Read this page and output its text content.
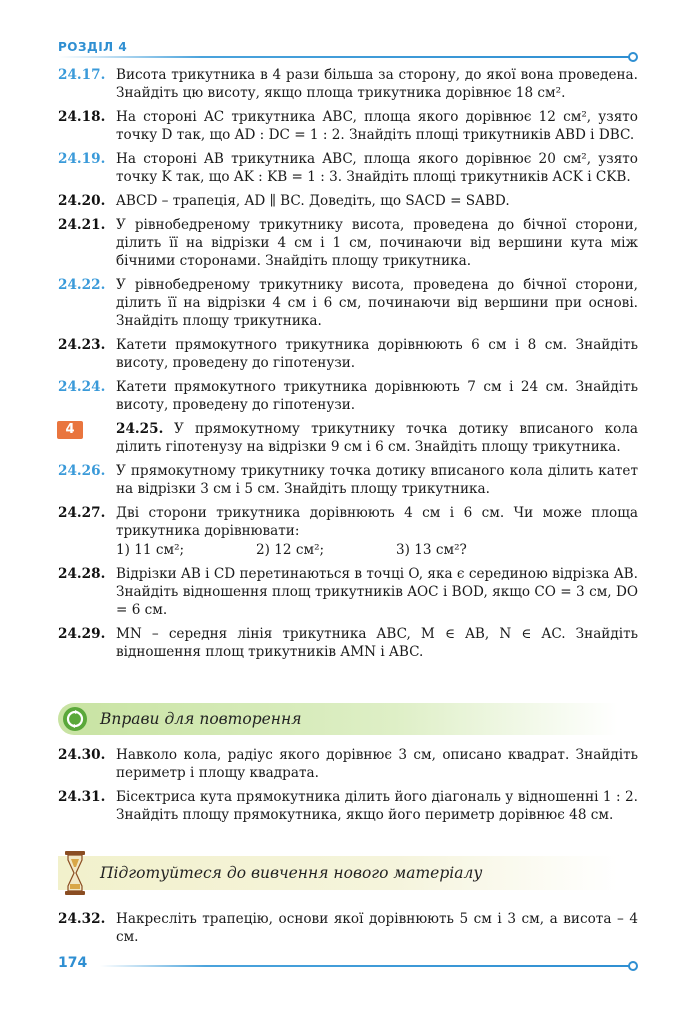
РОЗДІЛ 4
24.17. Висота трикутника в 4 рази більша за сторону, до якої вона проведена. Знайдіть цю висоту, якщо площа трикутника дорівнює 18 см².
24.18. На стороні AC трикутника ABC, площа якого дорівнює 12 см², узято точку D так, що AD : DC = 1 : 2. Знайдіть площі трикутників ABD і DBC.
24.19. На стороні AB трикутника ABC, площа якого дорівнює 20 см², узято точку K так, що AK : KB = 1 : 3. Знайдіть площі трикутників ACK і CKB.
24.20. ABCD – трапеція, AD ∥ BC. Доведіть, що SACD = SABD.
24.21. У рівнобедреному трикутнику висота, проведена до бічної сторони, ділить її на відрізки 4 см і 1 см, починаючи від вершини кута між бічними сторонами. Знайдіть площу трикутника.
24.22. У рівнобедреному трикутнику висота, проведена до бічної сторони, ділить її на відрізки 4 см і 6 см, починаючи від вершини при основі. Знайдіть площу трикутника.
24.23. Катети прямокутного трикутника дорівнюють 6 см і 8 см. Знайдіть висоту, проведену до гіпотенузи.
24.24. Катети прямокутного трикутника дорівнюють 7 см і 24 см. Знайдіть висоту, проведену до гіпотенузи.
4	24.25. У прямокутному трикутнику точка дотику вписаного кола ділить гіпотенузу на відрізки 9 см і 6 см. Знайдіть площу трикутника.
24.26. У прямокутному трикутнику точка дотику вписаного кола ділить катет на відрізки 3 см і 5 см. Знайдіть площу трикутника.
24.27. Дві сторони трикутника дорівнюють 4 см і 6 см. Чи може площа трикутника дорівнювати:
1) 11 см²;	2) 12 см²;	3) 13 см²?
24.28. Відрізки AB і CD перетинаються в точці O, яка є серединою відрізка AB. Знайдіть відношення площ трикутників AOC і BOD, якщо CO = 3 см, DO = 6 см.
24.29. MN – середня лінія трикутника ABC, M ∈ AB, N ∈ AC. Знайдіть відношення площ трикутників AMN і ABC.
Вправи для повторення
24.30. Навколо кола, радіус якого дорівнює 3 см, описано квадрат. Знайдіть периметр і площу квадрата.
24.31. Бісектриса кута прямокутника ділить його діагональ у відношенні 1 : 2. Знайдіть площу прямокутника, якщо його периметр дорівнює 48 см.
Підготуйтеся до вивчення нового матеріалу
24.32. Накресліть трапецію, основи якої дорівнюють 5 см і 3 см, а висота – 4 см.
174
